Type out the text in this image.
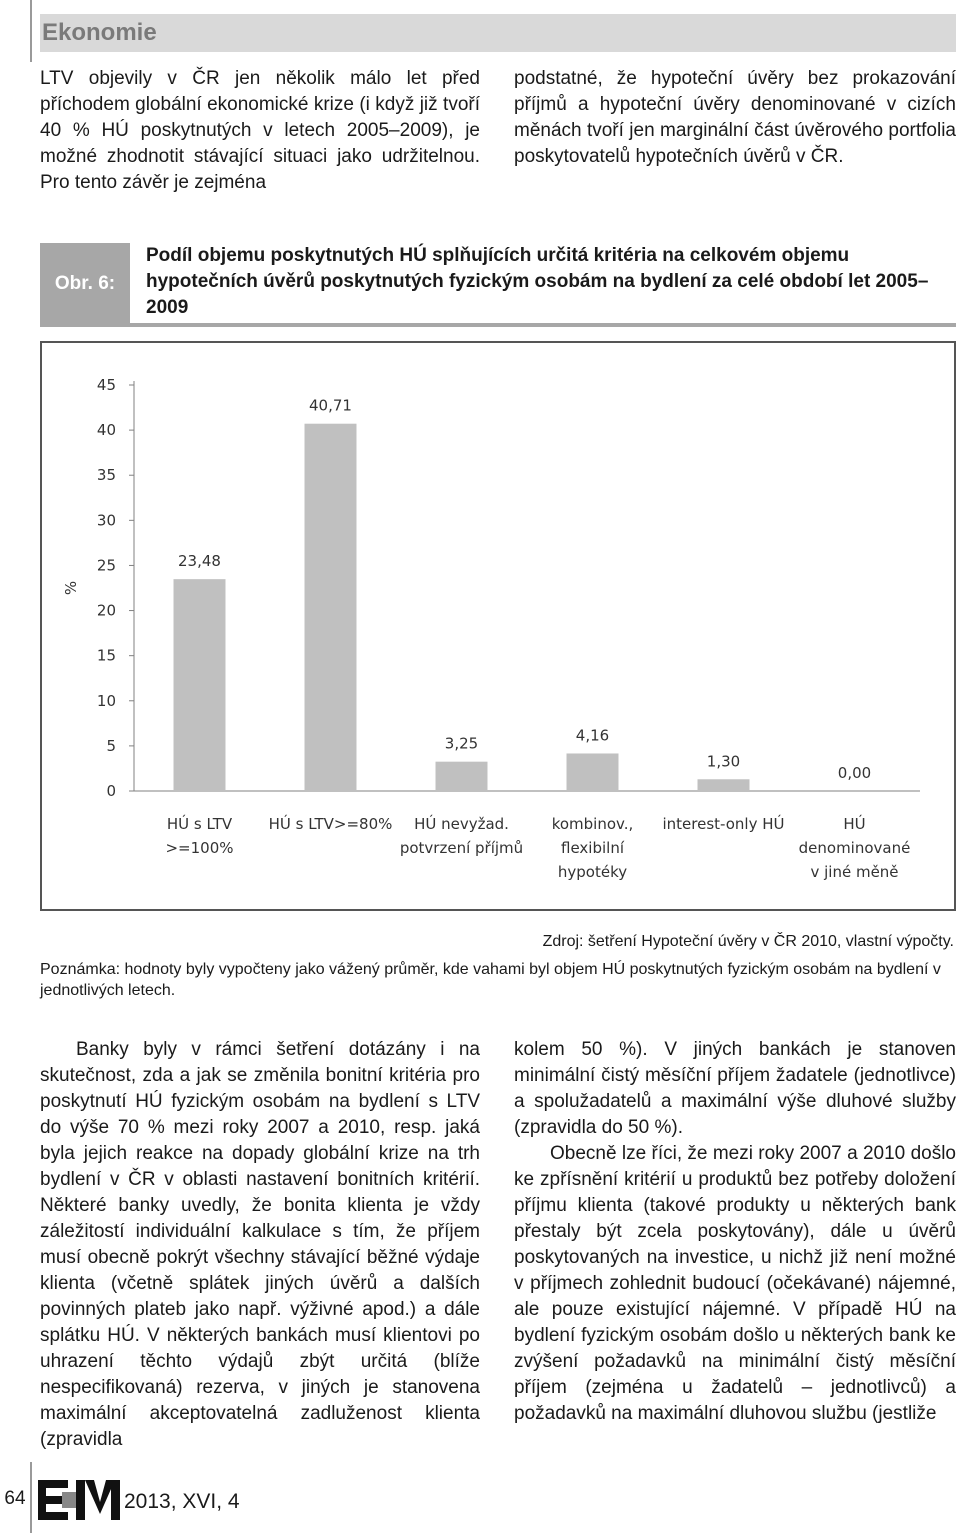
Ekonomie

LTV objevily v ČR jen několik málo let před příchodem globální ekonomické krize (i když již tvoří 40 % HÚ poskytnutých v letech 2005–2009), je možné zhodnotit stávající situaci jako udržitelnou. Pro tento závěr je zejména

podstatné, že hypoteční úvěry bez prokazování příjmů a hypoteční úvěry denominované v cizích měnách tvoří jen marginální část úvěrového portfolia poskytovatelů hypotečních úvěrů v ČR.

Obr. 6:
Podíl objemu poskytnutých HÚ splňujících určitá kritéria na celkovém objemu hypotečních úvěrů poskytnutých fyzickým osobám na bydlení za celé období let 2005–2009
0
5
10
15
20
25
30
35
40
45
%
23,48
HÚ s LTV
>=100%
40,71
HÚ s LTV>=80%
3,25
HÚ nevyžad.
potvrzení příjmů
4,16
kombinov.,
flexibilní
hypotéky
1,30
interest-only HÚ
0,00
HÚ
denominované
v jiné měně
Zdroj: šetření Hypoteční úvěry v ČR 2010, vlastní výpočty.
Poznámka: hodnoty byly vypočteny jako vážený průměr, kde vahami byl objem HÚ poskytnutých fyzickým osobám na bydlení v jednotlivých letech.

Banky byly v rámci šetření dotázány i na skutečnost, zda a jak se změnila bonitní kritéria pro poskytnutí HÚ fyzickým osobám na bydlení s LTV do výše 70 % mezi roky 2007 a 2010, resp. jaká byla jejich reakce na dopady globální krize na trh bydlení v ČR v oblasti nastavení bonitních kritérií. Některé banky uvedly, že bonita klienta je vždy záležitostí individuální kalkulace s tím, že příjem musí obecně pokrýt všechny stávající běžné výdaje klienta (včetně splátek jiných úvěrů a dalších povinných plateb jako např. výživné apod.) a dále splátku HÚ. V některých bankách musí klientovi po uhrazení těchto výdajů zbýt určitá (blíže nespecifikovaná) rezerva, v jiných je stanovena maximální akceptovatelná zadluženost klienta (zpravidla

kolem 50 %). V jiných bankách je stanoven minimální čistý měsíční příjem žadatele (jednotlivce) a spolužadatelů a maximální výše dluhové služby (zpravidla do 50 %).

Obecně lze říci, že mezi roky 2007 a 2010 došlo ke zpřísnění kritérií u produktů bez potřeby doložení příjmu klienta (takové produkty u některých bank přestaly být zcela poskytovány), dále u úvěrů poskytovaných na investice, u nichž již není možné v příjmech zohlednit budoucí (očekávané) nájemné, ale pouze existující nájemné. V případě HÚ na bydlení fyzickým osobám došlo u některých bank ke zvýšení požadavků na minimální čistý měsíční příjem (zejména u žadatelů – jednotlivců) a požadavků na maximální dluhovou službu (jestliže

64	2013, XVI, 4
